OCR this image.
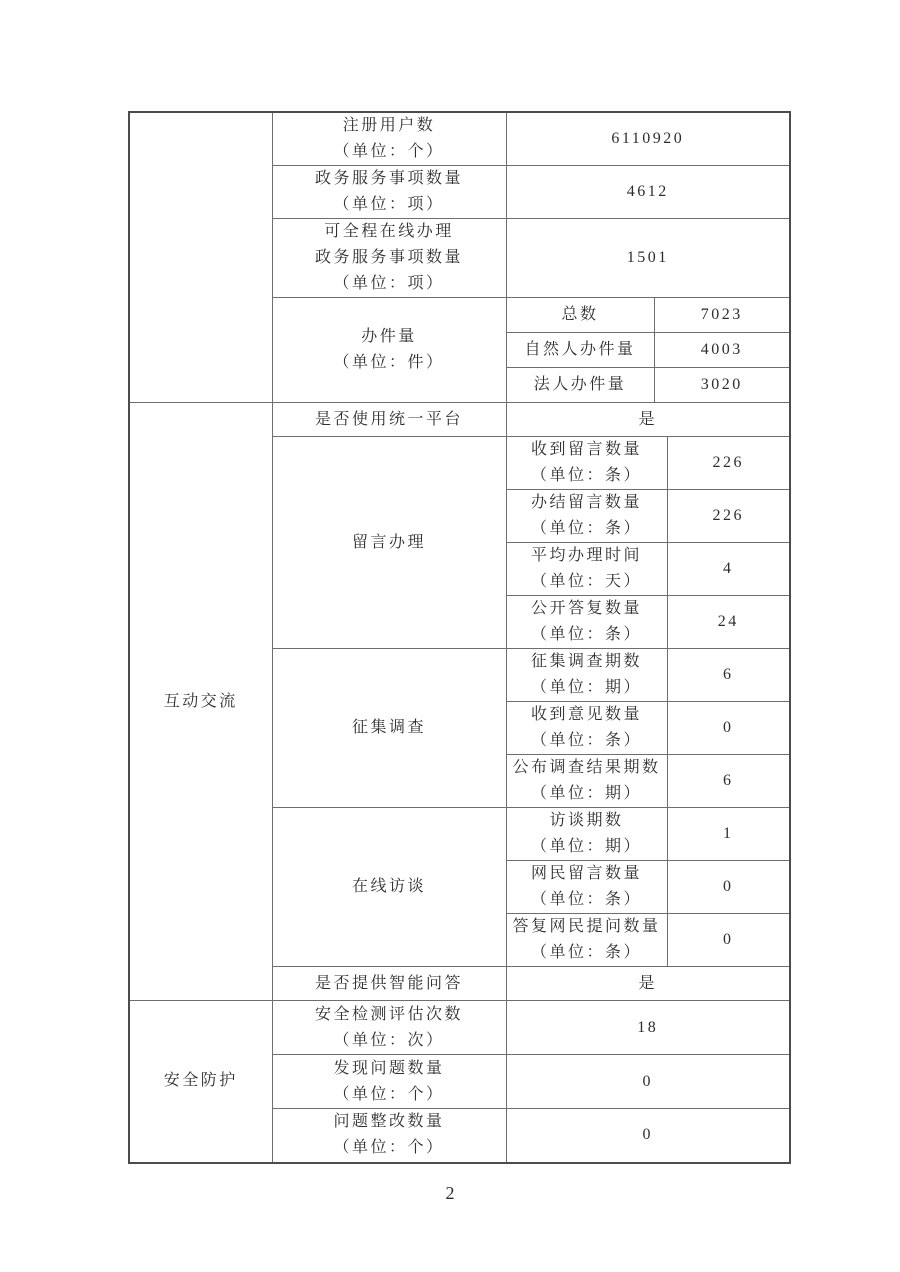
	注册用户数
（单位：个）	6110920		

	政务服务事项数量
（单位：项）	4612		

	可全程在线办理
政务服务事项数量
（单位：项）	1501		

	办件量
（单位：件）	总数	7023	

		自然人办件量	4003	

		法人办件量	3020	

互动交流	是否使用统一平台	是		

	留言办理	收到留言数量
（单位：条）		226

		办结留言数量
（单位：条）		226

		平均办理时间
（单位：天）		4

		公开答复数量
（单位：条）		24

	征集调查	征集调查期数
（单位：期）		6

		收到意见数量
（单位：条）		0

		公布调查结果期数
（单位：期）		6

	在线访谈	访谈期数
（单位：期）		1

		网民留言数量
（单位：条）		0

		答复网民提问数量
（单位：条）		0

	是否提供智能问答	是		

安全防护	安全检测评估次数
（单位：次）	18		

	发现问题数量
（单位：个）	0		

	问题整改数量
（单位：个）	0		
2
